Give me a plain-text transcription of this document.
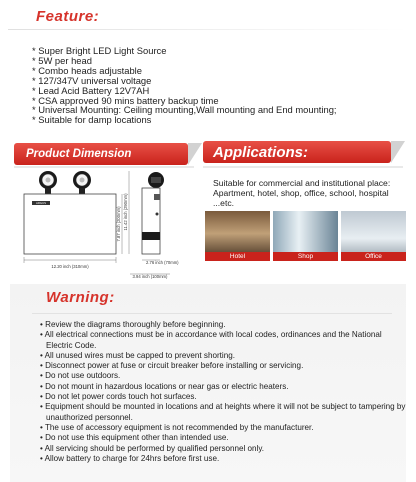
Feature:
* Super Bright LED Light Source
* 5W per head
* Combo heads adjustable
* 127/347V universal voltage
* Lead Acid Battery 12V7AH
* CSA approved 90 mins battery backup time
* Universal Mounting: Ceiling mounting,Wall mounting and End mounting;
* Suitable for damp locations
Product Dimension
ARGUS
12.20 inch (310mm)
7.87 inch (200mm) 11.42 inch (290mm)
2.76 inch (70mm)
3.94 inch (100mm)
Applications:
Suitable for commercial and institutional place: Apartment, hotel, shop, office, school, hospital ...etc.
Hotel	Shop	Office
Warning:
• Review the diagrams thoroughly before beginning.
• All electrical connections must be in accordance with local codes, ordinances and the National Electric Code.
• All unused wires must be capped to prevent shorting.
• Disconnect power at fuse or circuit breaker before installing or servicing.
• Do not use outdoors.
• Do not mount in hazardous locations or near gas or electric heaters.
• Do not let power cords touch hot surfaces.
• Equipment should be mounted in locations and at heights where it will not be subject to tampering by unauthorized personnel.
• The use of accessory equipment is not recommended by the manufacturer.
• Do not use this equipment other than intended use.
• All servicing should be performed by qualified personnel only.
• Allow battery to charge for 24hrs before first use.
